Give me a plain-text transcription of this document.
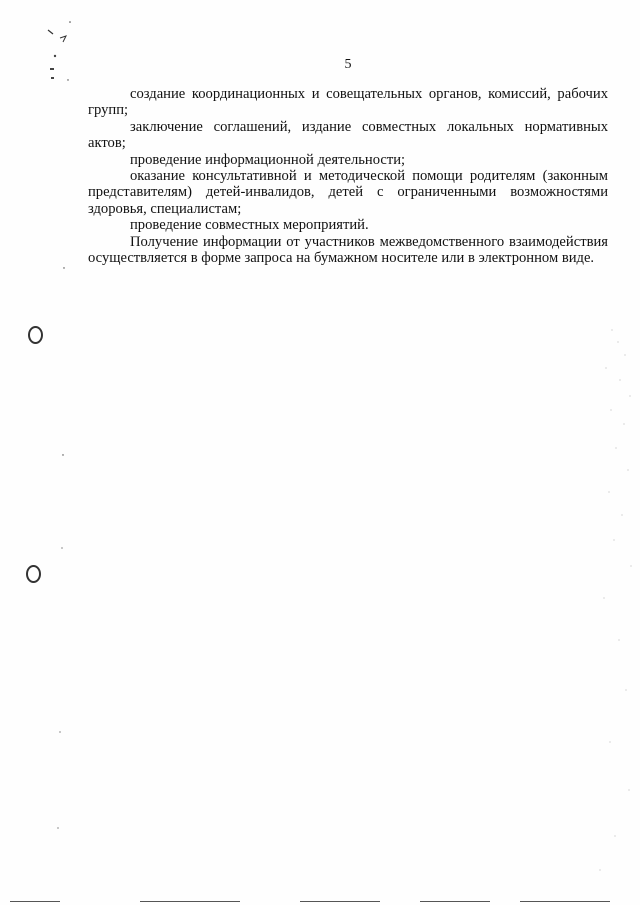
5

создание координационных и совещательных органов, комиссий, рабочих групп;

заключение соглашений, издание совместных локальных нормативных актов;

проведение информационной деятельности;

оказание консультативной и методической помощи родителям (законным представителям) детей-инвалидов, детей с ограниченными возможностями здоровья, специалистам;

проведение совместных мероприятий.

Получение информации от участников межведомственного взаимодействия осуществляется в форме запроса на бумажном носителе или в электронном виде.
